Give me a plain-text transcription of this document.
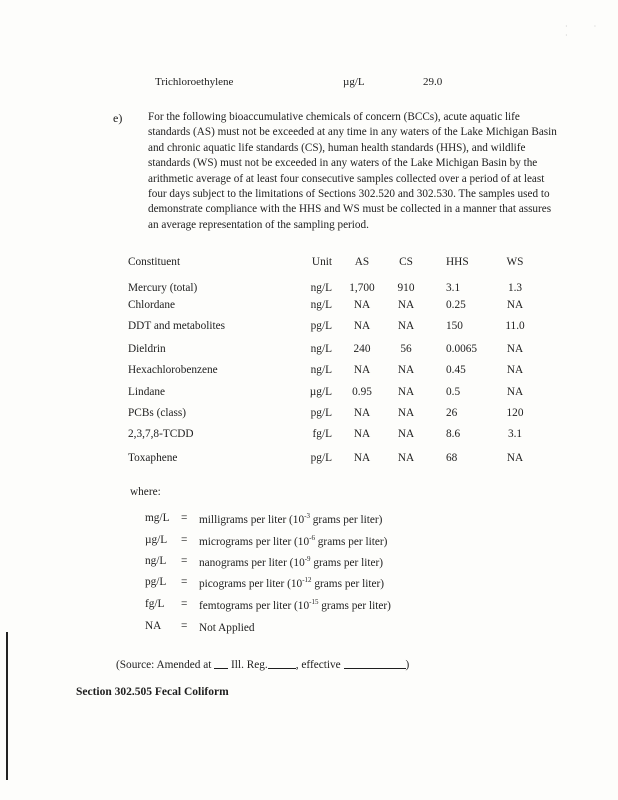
· · ·
Trichloroethylene	µg/L	29.0
e) For the following bioaccumulative chemicals of concern (BCCs), acute aquatic life standards (AS) must not be exceeded at any time in any waters of the Lake Michigan Basin and chronic aquatic life standards (CS), human health standards (HHS), and wildlife standards (WS) must not be exceeded in any waters of the Lake Michigan Basin by the arithmetic average of at least four consecutive samples collected over a period of at least four days subject to the limitations of Sections 302.520 and 302.530. The samples used to demonstrate compliance with the HHS and WS must be collected in a manner that assures an average representation of the sampling period.
Constituent	Unit	AS	CS	HHS	WS
Mercury (total)	ng/L	1,700	910	3.1	1.3
Chlordane	ng/L	NA	NA	0.25	NA
DDT and metabolites	pg/L	NA	NA	150	11.0
Dieldrin	ng/L	240	56	0.0065	NA
Hexachlorobenzene	ng/L	NA	NA	0.45	NA
Lindane	µg/L	0.95	NA	0.5	NA
PCBs (class)	pg/L	NA	NA	26	120
2,3,7,8-TCDD	fg/L	NA	NA	8.6	3.1
Toxaphene	pg/L	NA	NA	68	NA
where:
mg/L = milligrams per liter ($10^{-3}$ grams per liter)
µg/L = micrograms per liter ($10^{-6}$ grams per liter)
ng/L = nanograms per liter ($10^{-9}$ grams per liter)
pg/L = picograms per liter ($10^{-12}$ grams per liter)
fg/L = femtograms per liter ($10^{-15}$ grams per liter)
NA = Not Applied
(Source: Amended at  Ill. Reg. , effective	)
Section 302.505 Fecal Coliform
